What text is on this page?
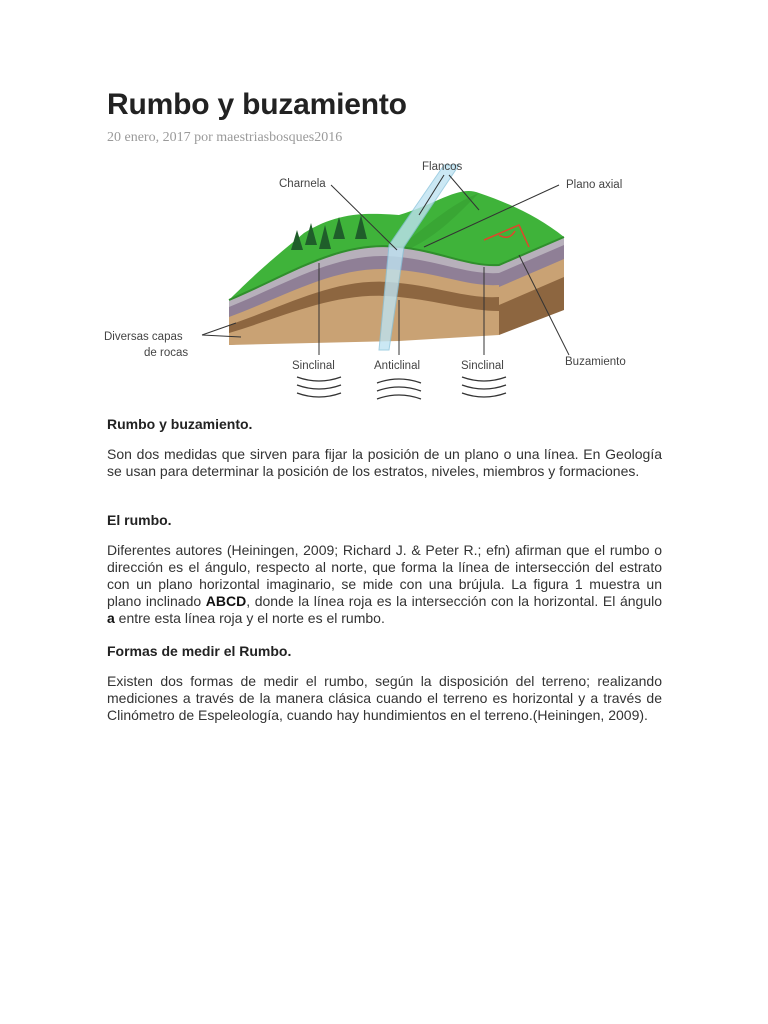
Rumbo y buzamiento
20 enero, 2017 por maestriasbosques2016
Flancos
Charnela	Plano axial
Diversas capas
de rocas
Sinclinal	Anticlinal	Sinclinal	Buzamiento

Rumbo y buzamiento.

Son dos medidas que sirven para fijar la posición de un plano o una línea. En Geología se usan para determinar la posición de los estratos, niveles, miembros y formaciones.

El rumbo.

Diferentes autores (Heiningen, 2009; Richard J. & Peter R.; efn) afirman que el rumbo o dirección es el ángulo, respecto al norte, que forma la línea de intersección del estrato con un plano horizontal imaginario, se mide con una brújula. La figura 1 muestra un plano inclinado ABCD, donde la línea roja es la intersección con la horizontal. El ángulo a entre esta línea roja y el norte es el rumbo.

Formas de medir el Rumbo.

Existen dos formas de medir el rumbo, según la disposición del terreno; realizando mediciones a través de la manera clásica cuando el terreno es horizontal y a través de Clinómetro de Espeleología, cuando hay hundimientos en el terreno.(Heiningen, 2009).
